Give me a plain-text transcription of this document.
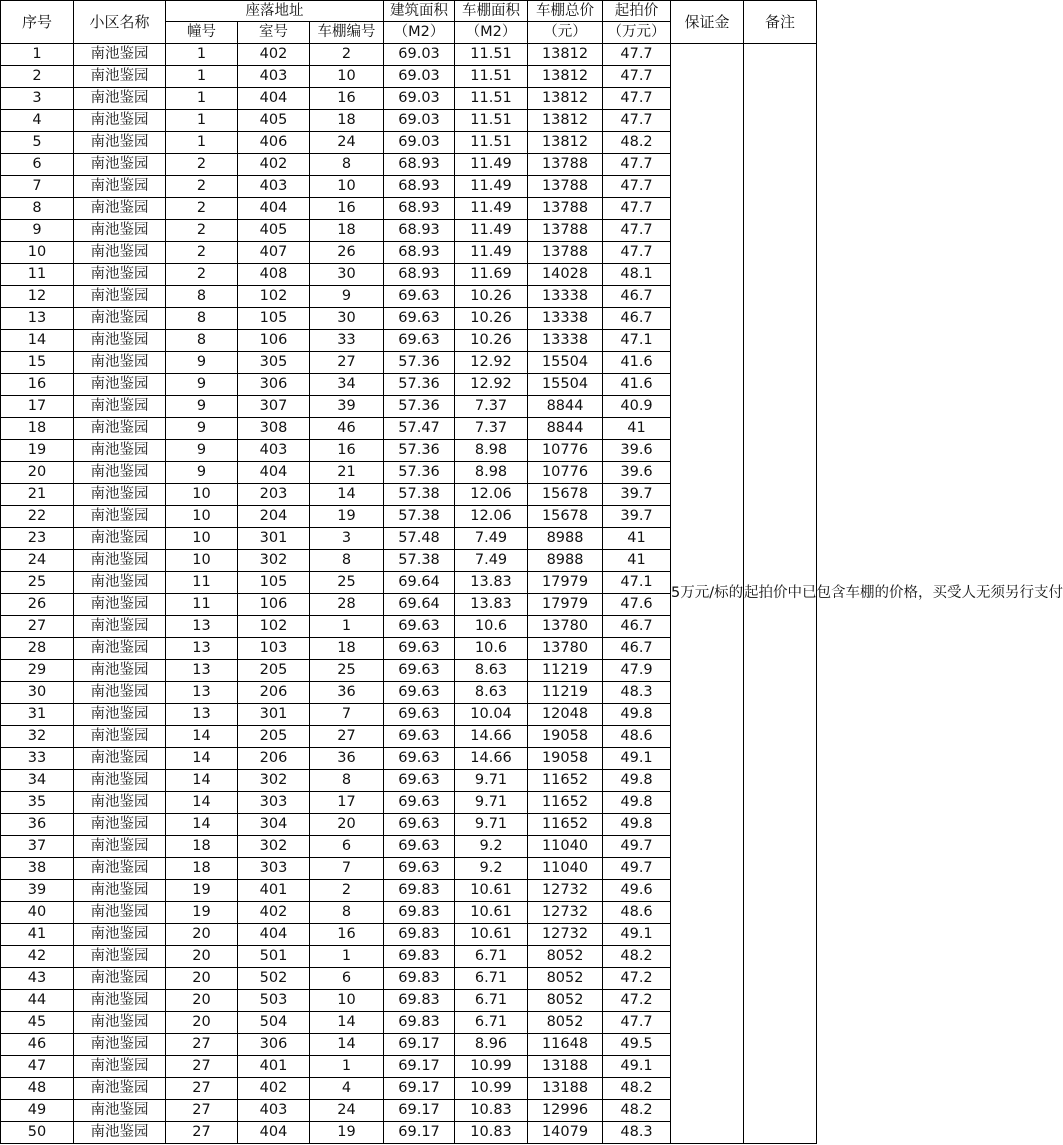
序号	小区名称	座落地址			建筑面积	车棚面积	车棚总价	起拍价	保证金	备注
		幢号	室号	车棚编号	（M2）	（M2）	（元）	（万元）		
1	南池鉴园	1	402	2	69.03	11.51	13812	47.7	5万元/标的	起拍价中已包含车棚的价格，买受人无须另行支付
2	南池鉴园	1	403	10	69.03	11.51	13812	47.7		
3	南池鉴园	1	404	16	69.03	11.51	13812	47.7		
4	南池鉴园	1	405	18	69.03	11.51	13812	47.7		
5	南池鉴园	1	406	24	69.03	11.51	13812	48.2		
6	南池鉴园	2	402	8	68.93	11.49	13788	47.7		
7	南池鉴园	2	403	10	68.93	11.49	13788	47.7		
8	南池鉴园	2	404	16	68.93	11.49	13788	47.7		
9	南池鉴园	2	405	18	68.93	11.49	13788	47.7		
10	南池鉴园	2	407	26	68.93	11.49	13788	47.7		
11	南池鉴园	2	408	30	68.93	11.69	14028	48.1		
12	南池鉴园	8	102	9	69.63	10.26	13338	46.7		
13	南池鉴园	8	105	30	69.63	10.26	13338	46.7		
14	南池鉴园	8	106	33	69.63	10.26	13338	47.1		
15	南池鉴园	9	305	27	57.36	12.92	15504	41.6		
16	南池鉴园	9	306	34	57.36	12.92	15504	41.6		
17	南池鉴园	9	307	39	57.36	7.37	8844	40.9		
18	南池鉴园	9	308	46	57.47	7.37	8844	41		
19	南池鉴园	9	403	16	57.36	8.98	10776	39.6		
20	南池鉴园	9	404	21	57.36	8.98	10776	39.6		
21	南池鉴园	10	203	14	57.38	12.06	15678	39.7		
22	南池鉴园	10	204	19	57.38	12.06	15678	39.7		
23	南池鉴园	10	301	3	57.48	7.49	8988	41		
24	南池鉴园	10	302	8	57.38	7.49	8988	41		
25	南池鉴园	11	105	25	69.64	13.83	17979	47.1		
26	南池鉴园	11	106	28	69.64	13.83	17979	47.6		
27	南池鉴园	13	102	1	69.63	10.6	13780	46.7		
28	南池鉴园	13	103	18	69.63	10.6	13780	46.7		
29	南池鉴园	13	205	25	69.63	8.63	11219	47.9		
30	南池鉴园	13	206	36	69.63	8.63	11219	48.3		
31	南池鉴园	13	301	7	69.63	10.04	12048	49.8		
32	南池鉴园	14	205	27	69.63	14.66	19058	48.6		
33	南池鉴园	14	206	36	69.63	14.66	19058	49.1		
34	南池鉴园	14	302	8	69.63	9.71	11652	49.8		
35	南池鉴园	14	303	17	69.63	9.71	11652	49.8		
36	南池鉴园	14	304	20	69.63	9.71	11652	49.8		
37	南池鉴园	18	302	6	69.63	9.2	11040	49.7		
38	南池鉴园	18	303	7	69.63	9.2	11040	49.7		
39	南池鉴园	19	401	2	69.83	10.61	12732	49.6		
40	南池鉴园	19	402	8	69.83	10.61	12732	48.6		
41	南池鉴园	20	404	16	69.83	10.61	12732	49.1		
42	南池鉴园	20	501	1	69.83	6.71	8052	48.2		
43	南池鉴园	20	502	6	69.83	6.71	8052	47.2		
44	南池鉴园	20	503	10	69.83	6.71	8052	47.2		
45	南池鉴园	20	504	14	69.83	6.71	8052	47.7		
46	南池鉴园	27	306	14	69.17	8.96	11648	49.5		
47	南池鉴园	27	401	1	69.17	10.99	13188	49.1		
48	南池鉴园	27	402	4	69.17	10.99	13188	48.2		
49	南池鉴园	27	403	24	69.17	10.83	12996	48.2		
50	南池鉴园	27	404	19	69.17	10.83	14079	48.3		
